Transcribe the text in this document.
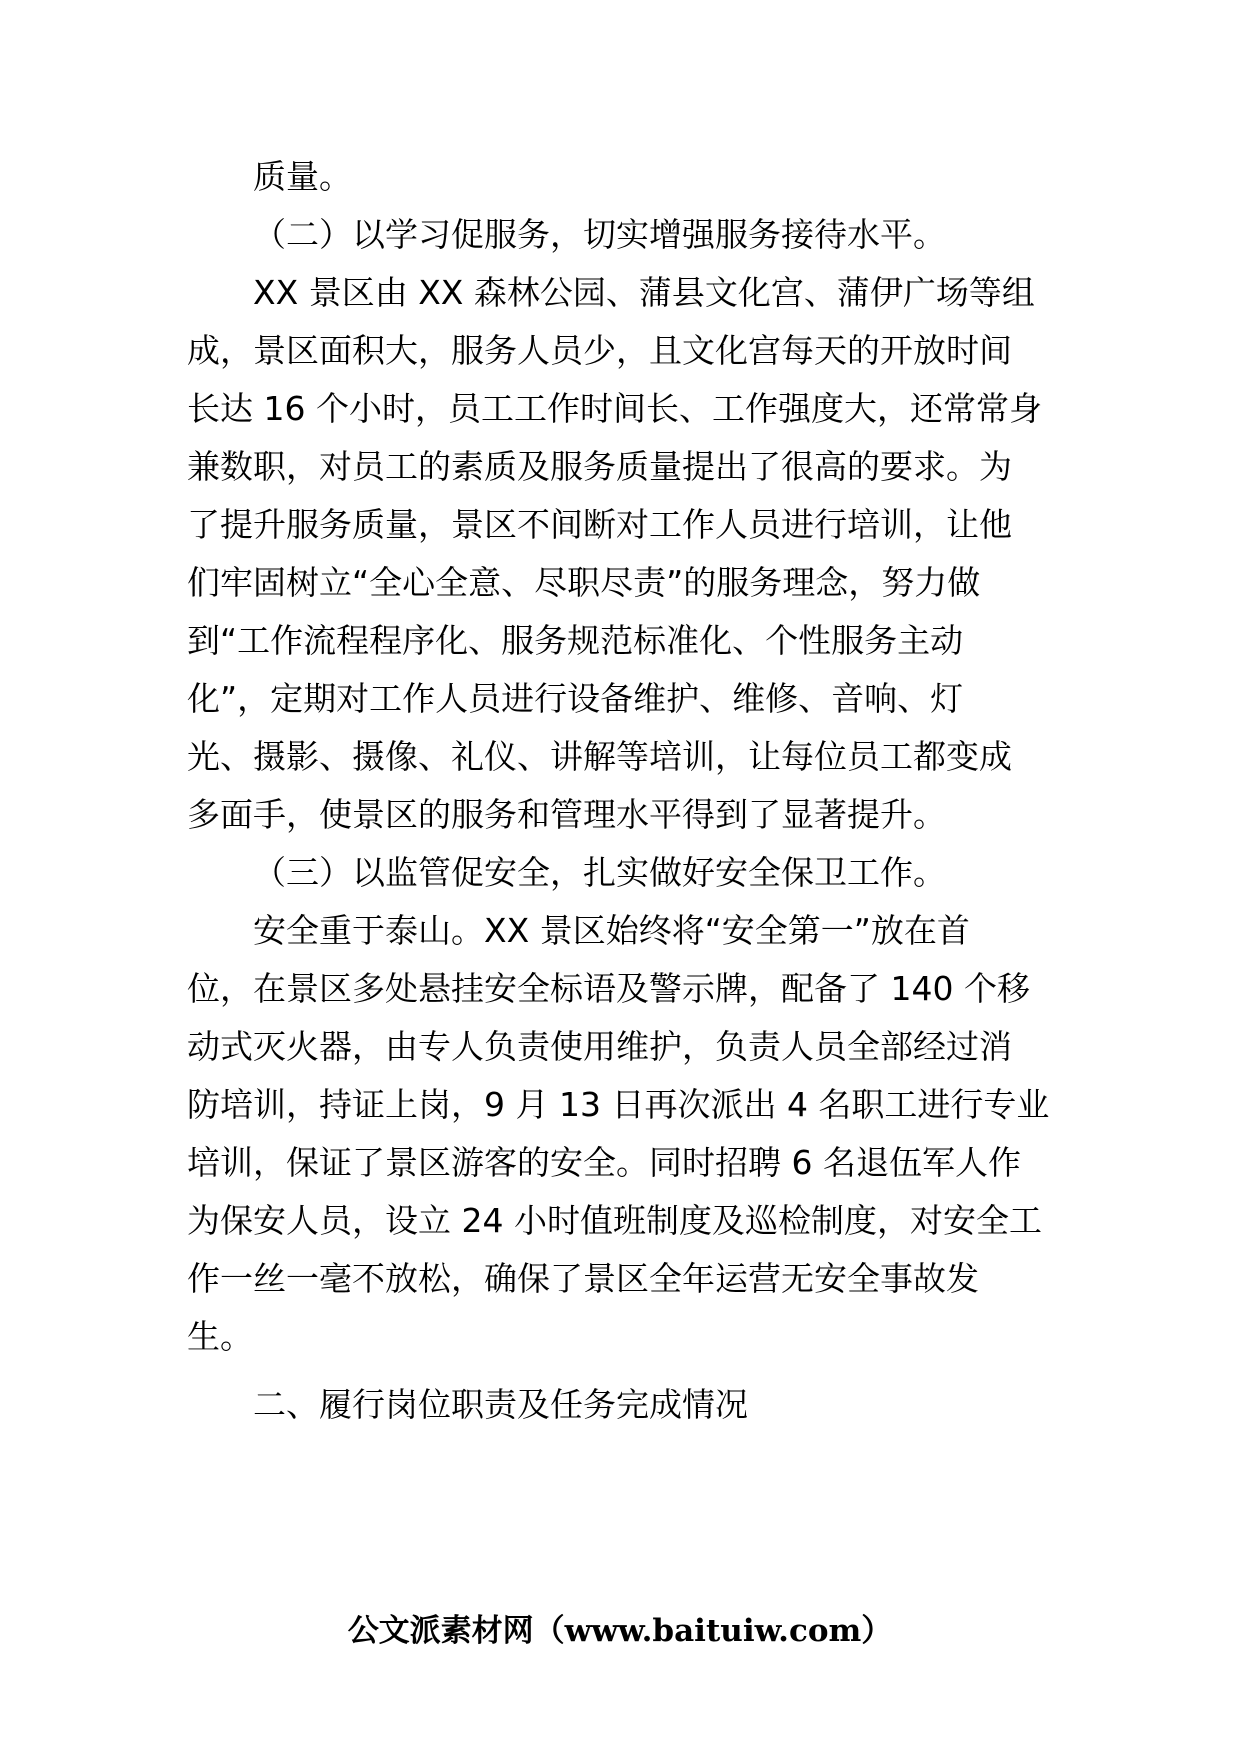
质量。
（二）以学习促服务，切实增强服务接待水平。
XX 景区由 XX 森林公园、蒲县文化宫、蒲伊广场等组
成，景区面积大，服务人员少，且文化宫每天的开放时间
长达 16 个小时，员工工作时间长、工作强度大，还常常身
兼数职，对员工的素质及服务质量提出了很高的要求。为
了提升服务质量，景区不间断对工作人员进行培训，让他
们牢固树立“全心全意、尽职尽责”的服务理念，努力做
到“工作流程程序化、服务规范标准化、个性服务主动
化”，定期对工作人员进行设备维护、维修、音响、灯
光、摄影、摄像、礼仪、讲解等培训，让每位员工都变成
多面手，使景区的服务和管理水平得到了显著提升。
（三）以监管促安全，扎实做好安全保卫工作。
安全重于泰山。XX 景区始终将“安全第一”放在首
位，在景区多处悬挂安全标语及警示牌，配备了 140 个移
动式灭火器，由专人负责使用维护，负责人员全部经过消
防培训，持证上岗，9 月 13 日再次派出 4 名职工进行专业
培训，保证了景区游客的安全。同时招聘 6 名退伍军人作
为保安人员，设立 24 小时值班制度及巡检制度，对安全工
作一丝一毫不放松，确保了景区全年运营无安全事故发
生。
二、履行岗位职责及任务完成情况
公文派素材网（www.baituiw.com）
